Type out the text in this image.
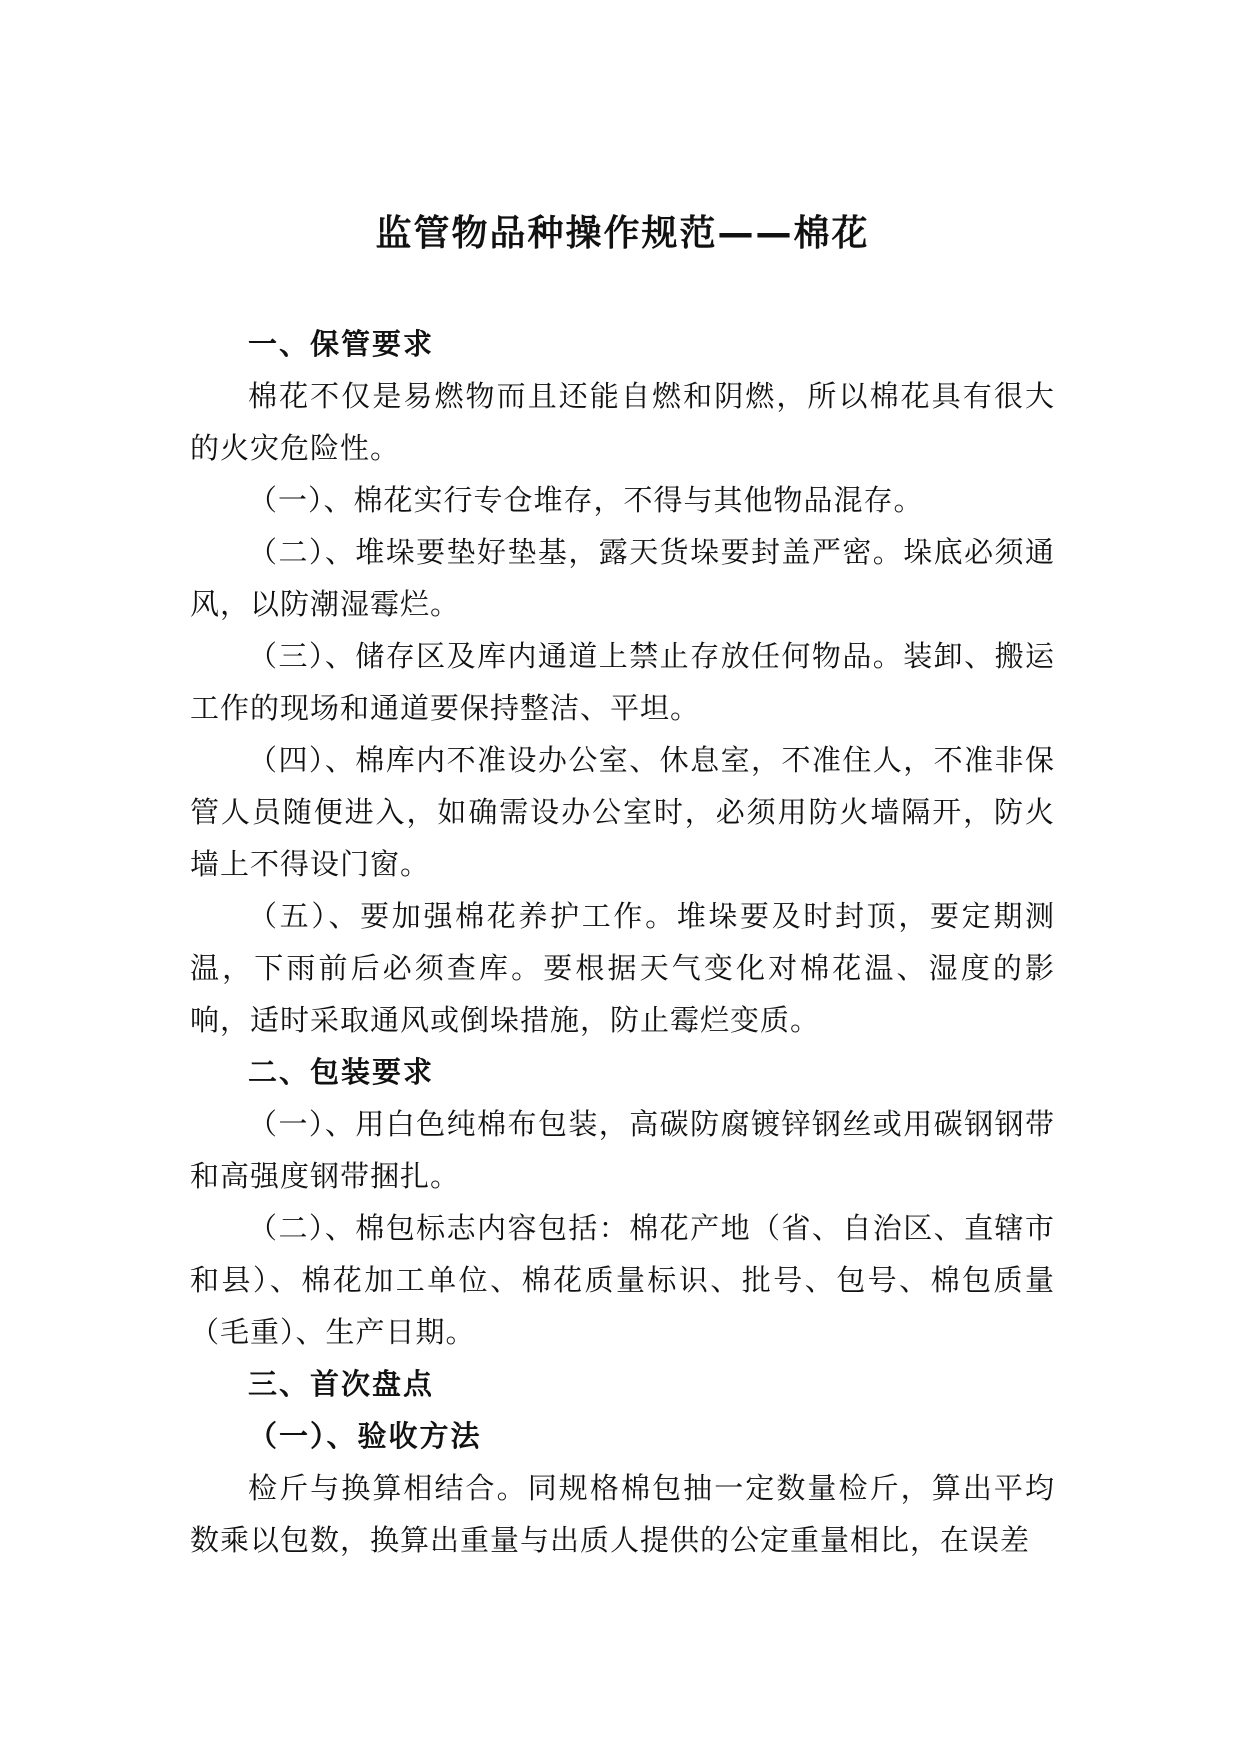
监管物品种操作规范——棉花

一、保管要求

棉花不仅是易燃物而且还能自燃和阴燃，所以棉花具有很大的火灾危险性。

（一）、棉花实行专仓堆存，不得与其他物品混存。

（二）、堆垛要垫好垫基，露天货垛要封盖严密。垛底必须通风，以防潮湿霉烂。

（三）、储存区及库内通道上禁止存放任何物品。装卸、搬运工作的现场和通道要保持整洁、平坦。

（四）、棉库内不准设办公室、休息室，不准住人，不准非保管人员随便进入，如确需设办公室时，必须用防火墙隔开，防火墙上不得设门窗。

（五）、要加强棉花养护工作。堆垛要及时封顶，要定期测温，下雨前后必须查库。要根据天气变化对棉花温、湿度的影响，适时采取通风或倒垛措施，防止霉烂变质。

二、包装要求

（一）、用白色纯棉布包装，高碳防腐镀锌钢丝或用碳钢钢带和高强度钢带捆扎。

（二）、棉包标志内容包括：棉花产地（省、自治区、直辖市和县）、棉花加工单位、棉花质量标识、批号、包号、棉包质量（毛重）、生产日期。

三、首次盘点

（一）、验收方法

检斤与换算相结合。同规格棉包抽一定数量检斤，算出平均数乘以包数，换算出重量与出质人提供的公定重量相比，在误差
